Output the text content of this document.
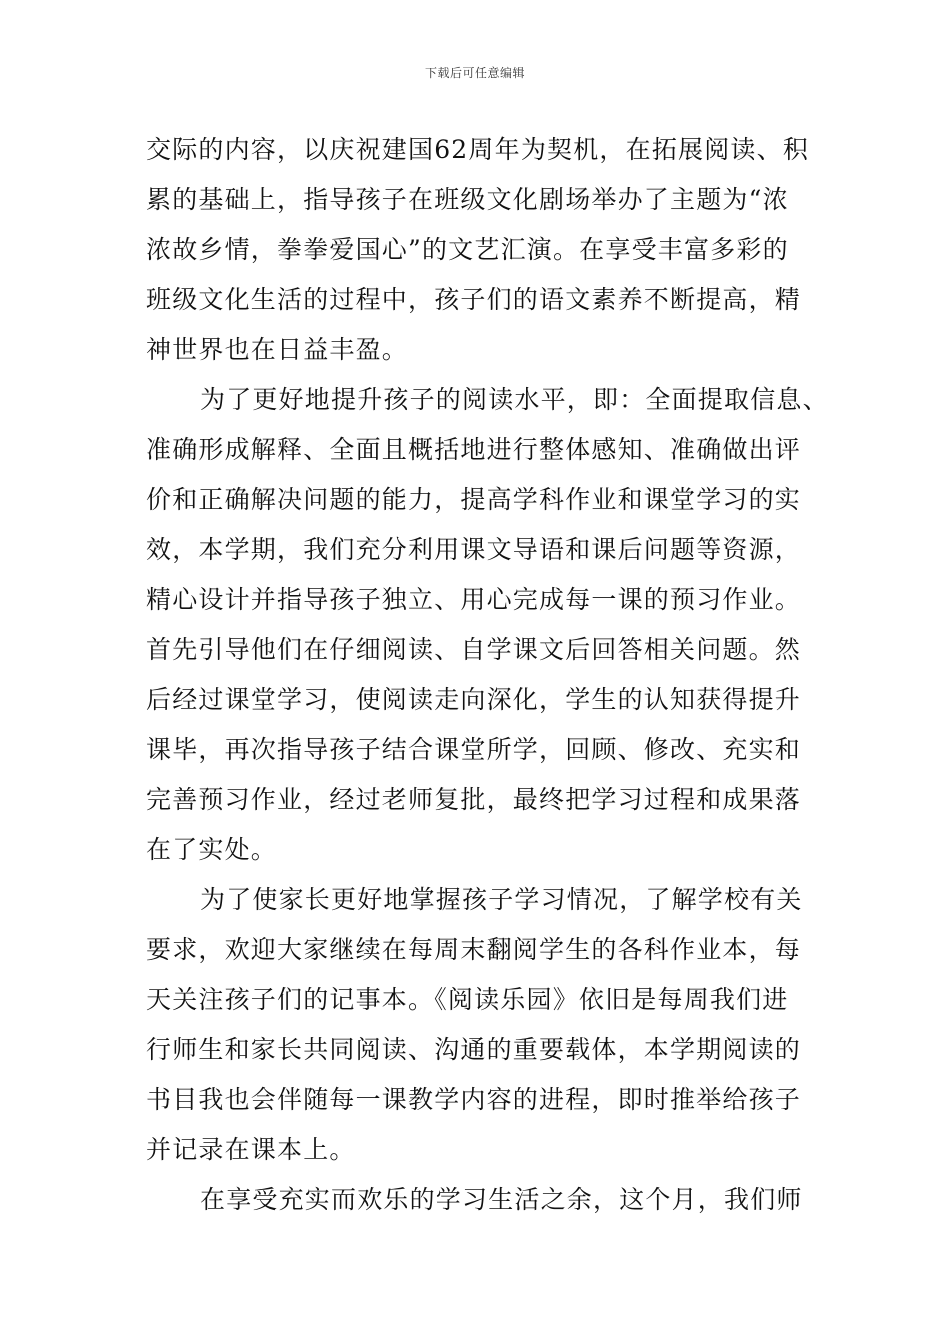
下载后可任意编辑
交际的内容，以庆祝建国62周年为契机，在拓展阅读、积
累的基础上，指导孩子在班级文化剧场举办了主题为“浓
浓故乡情，拳拳爱国心”的文艺汇演。在享受丰富多彩的
班级文化生活的过程中，孩子们的语文素养不断提高，精
神世界也在日益丰盈。
为了更好地提升孩子的阅读水平，即：全面提取信息、
准确形成解释、全面且概括地进行整体感知、准确做出评
价和正确解决问题的能力，提高学科作业和课堂学习的实
效，本学期，我们充分利用课文导语和课后问题等资源，
精心设计并指导孩子独立、用心完成每一课的预习作业。
首先引导他们在仔细阅读、自学课文后回答相关问题。然
后经过课堂学习，使阅读走向深化，学生的认知获得提升
课毕，再次指导孩子结合课堂所学，回顾、修改、充实和
完善预习作业，经过老师复批，最终把学习过程和成果落
在了实处。
为了使家长更好地掌握孩子学习情况，了解学校有关
要求，欢迎大家继续在每周末翻阅学生的各科作业本，每
天关注孩子们的记事本。《阅读乐园》依旧是每周我们进
行师生和家长共同阅读、沟通的重要载体，本学期阅读的
书目我也会伴随每一课教学内容的进程，即时推举给孩子
并记录在课本上。
在享受充实而欢乐的学习生活之余，这个月，我们师
